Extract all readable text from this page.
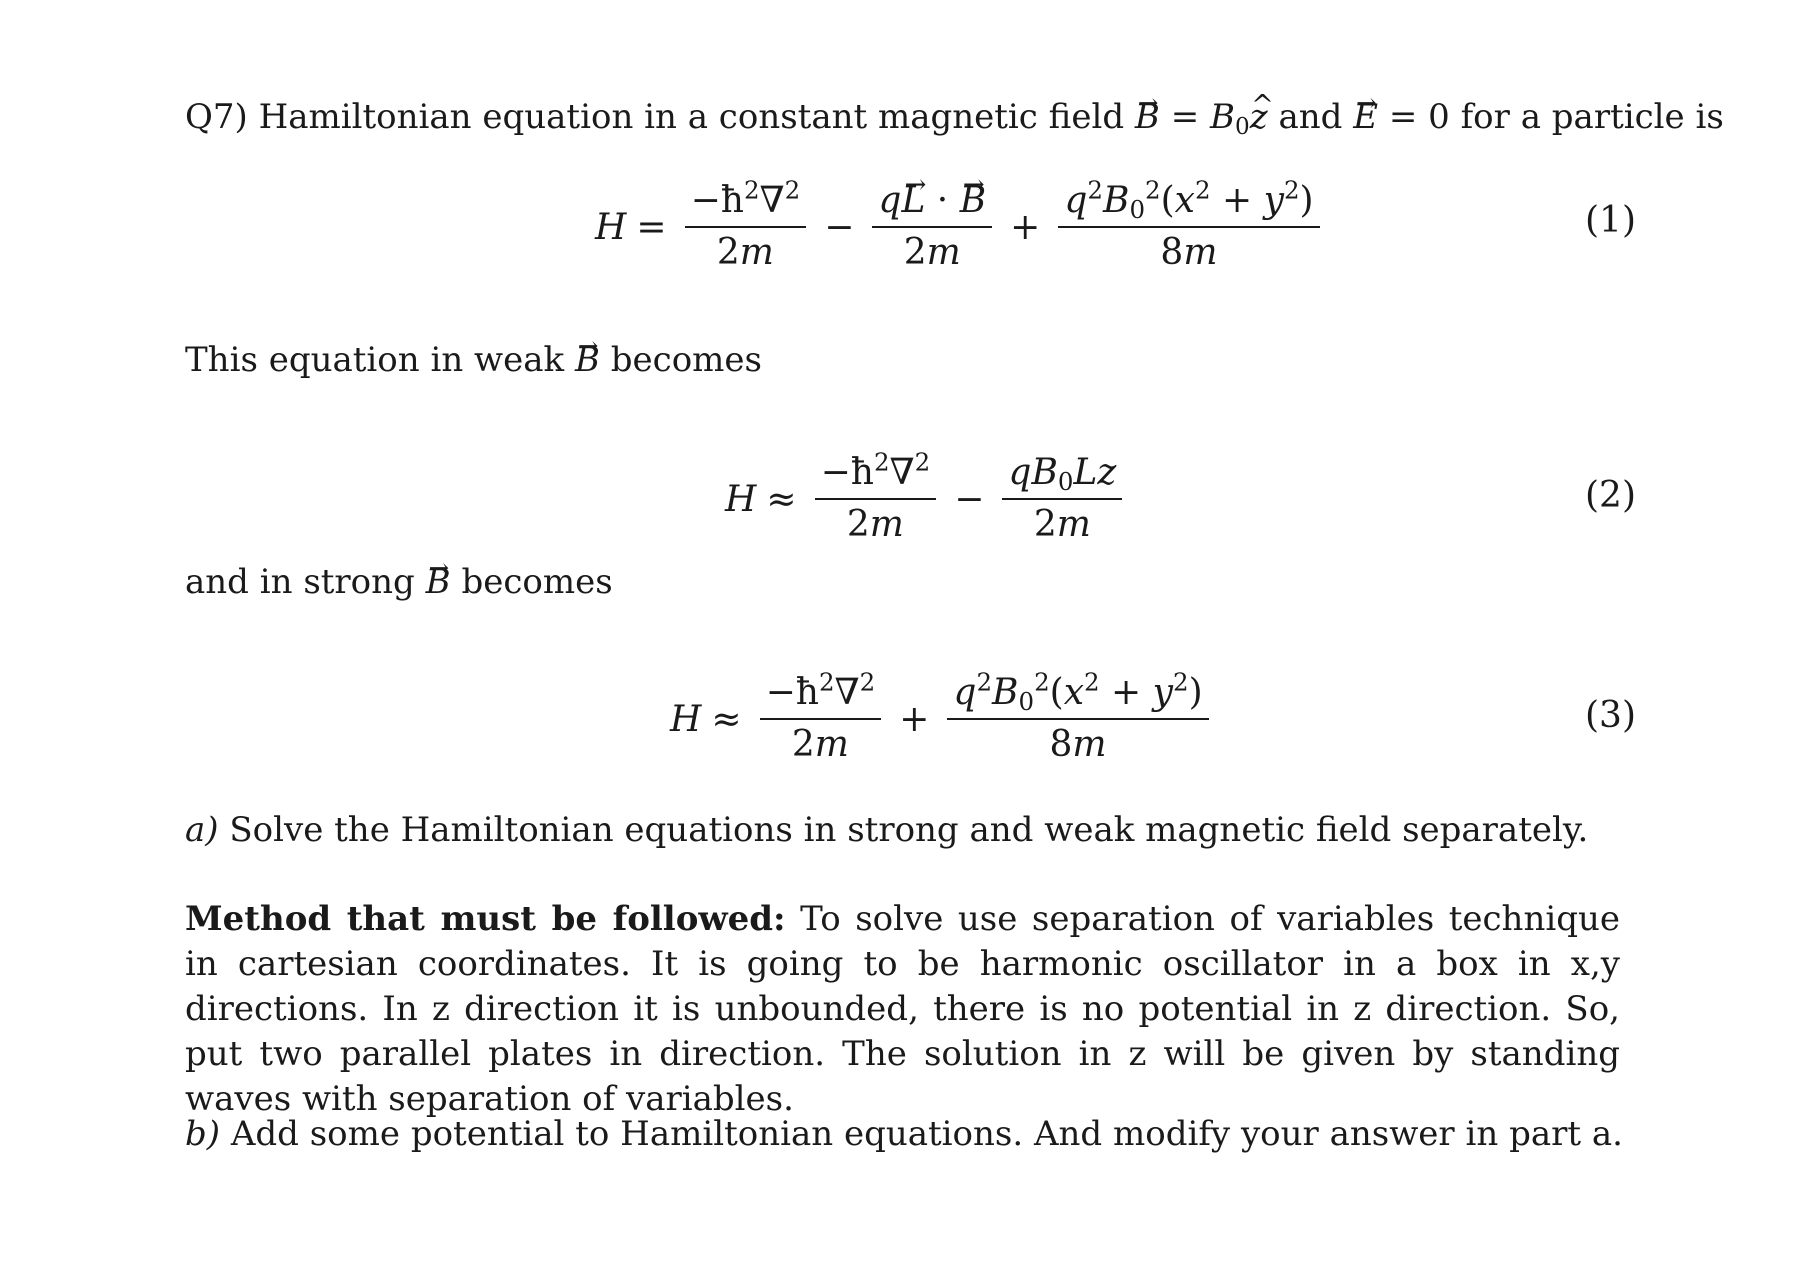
Q7) Hamiltonian equation in a constant magnetic field → $B = B_0\^{}$ z and → E = 0 for a particle is
$H = \frac{-ħ^2\nabla^2}{2m} - \frac{q\to L \cdot \to B}{2m} + \frac{q^2B_0^2(x^2 + y^2)}{8m}$	(1)
This equation in weak → B becomes
$H \approx \frac{-ħ^2\nabla^2}{2m} - \frac{qB_0Lz}{2m}$	(2)
and in strong → B becomes
$H \approx \frac{-ħ^2\nabla^2}{2m} + \frac{q^2B_0^2(x^2 + y^2)}{8m}$	(3)
a) Solve the Hamiltonian equations in strong and weak magnetic field separately.
Method that must be followed: To solve use separation of variables technique in cartesian coordinates. It is going to be harmonic oscillator in a box in x,y directions. In z direction it is unbounded, there is no potential in z direction. So, put two parallel plates in direction. The solution in z will be given by standing waves with separation of variables.
b) Add some potential to Hamiltonian equations. And modify your answer in part a.
